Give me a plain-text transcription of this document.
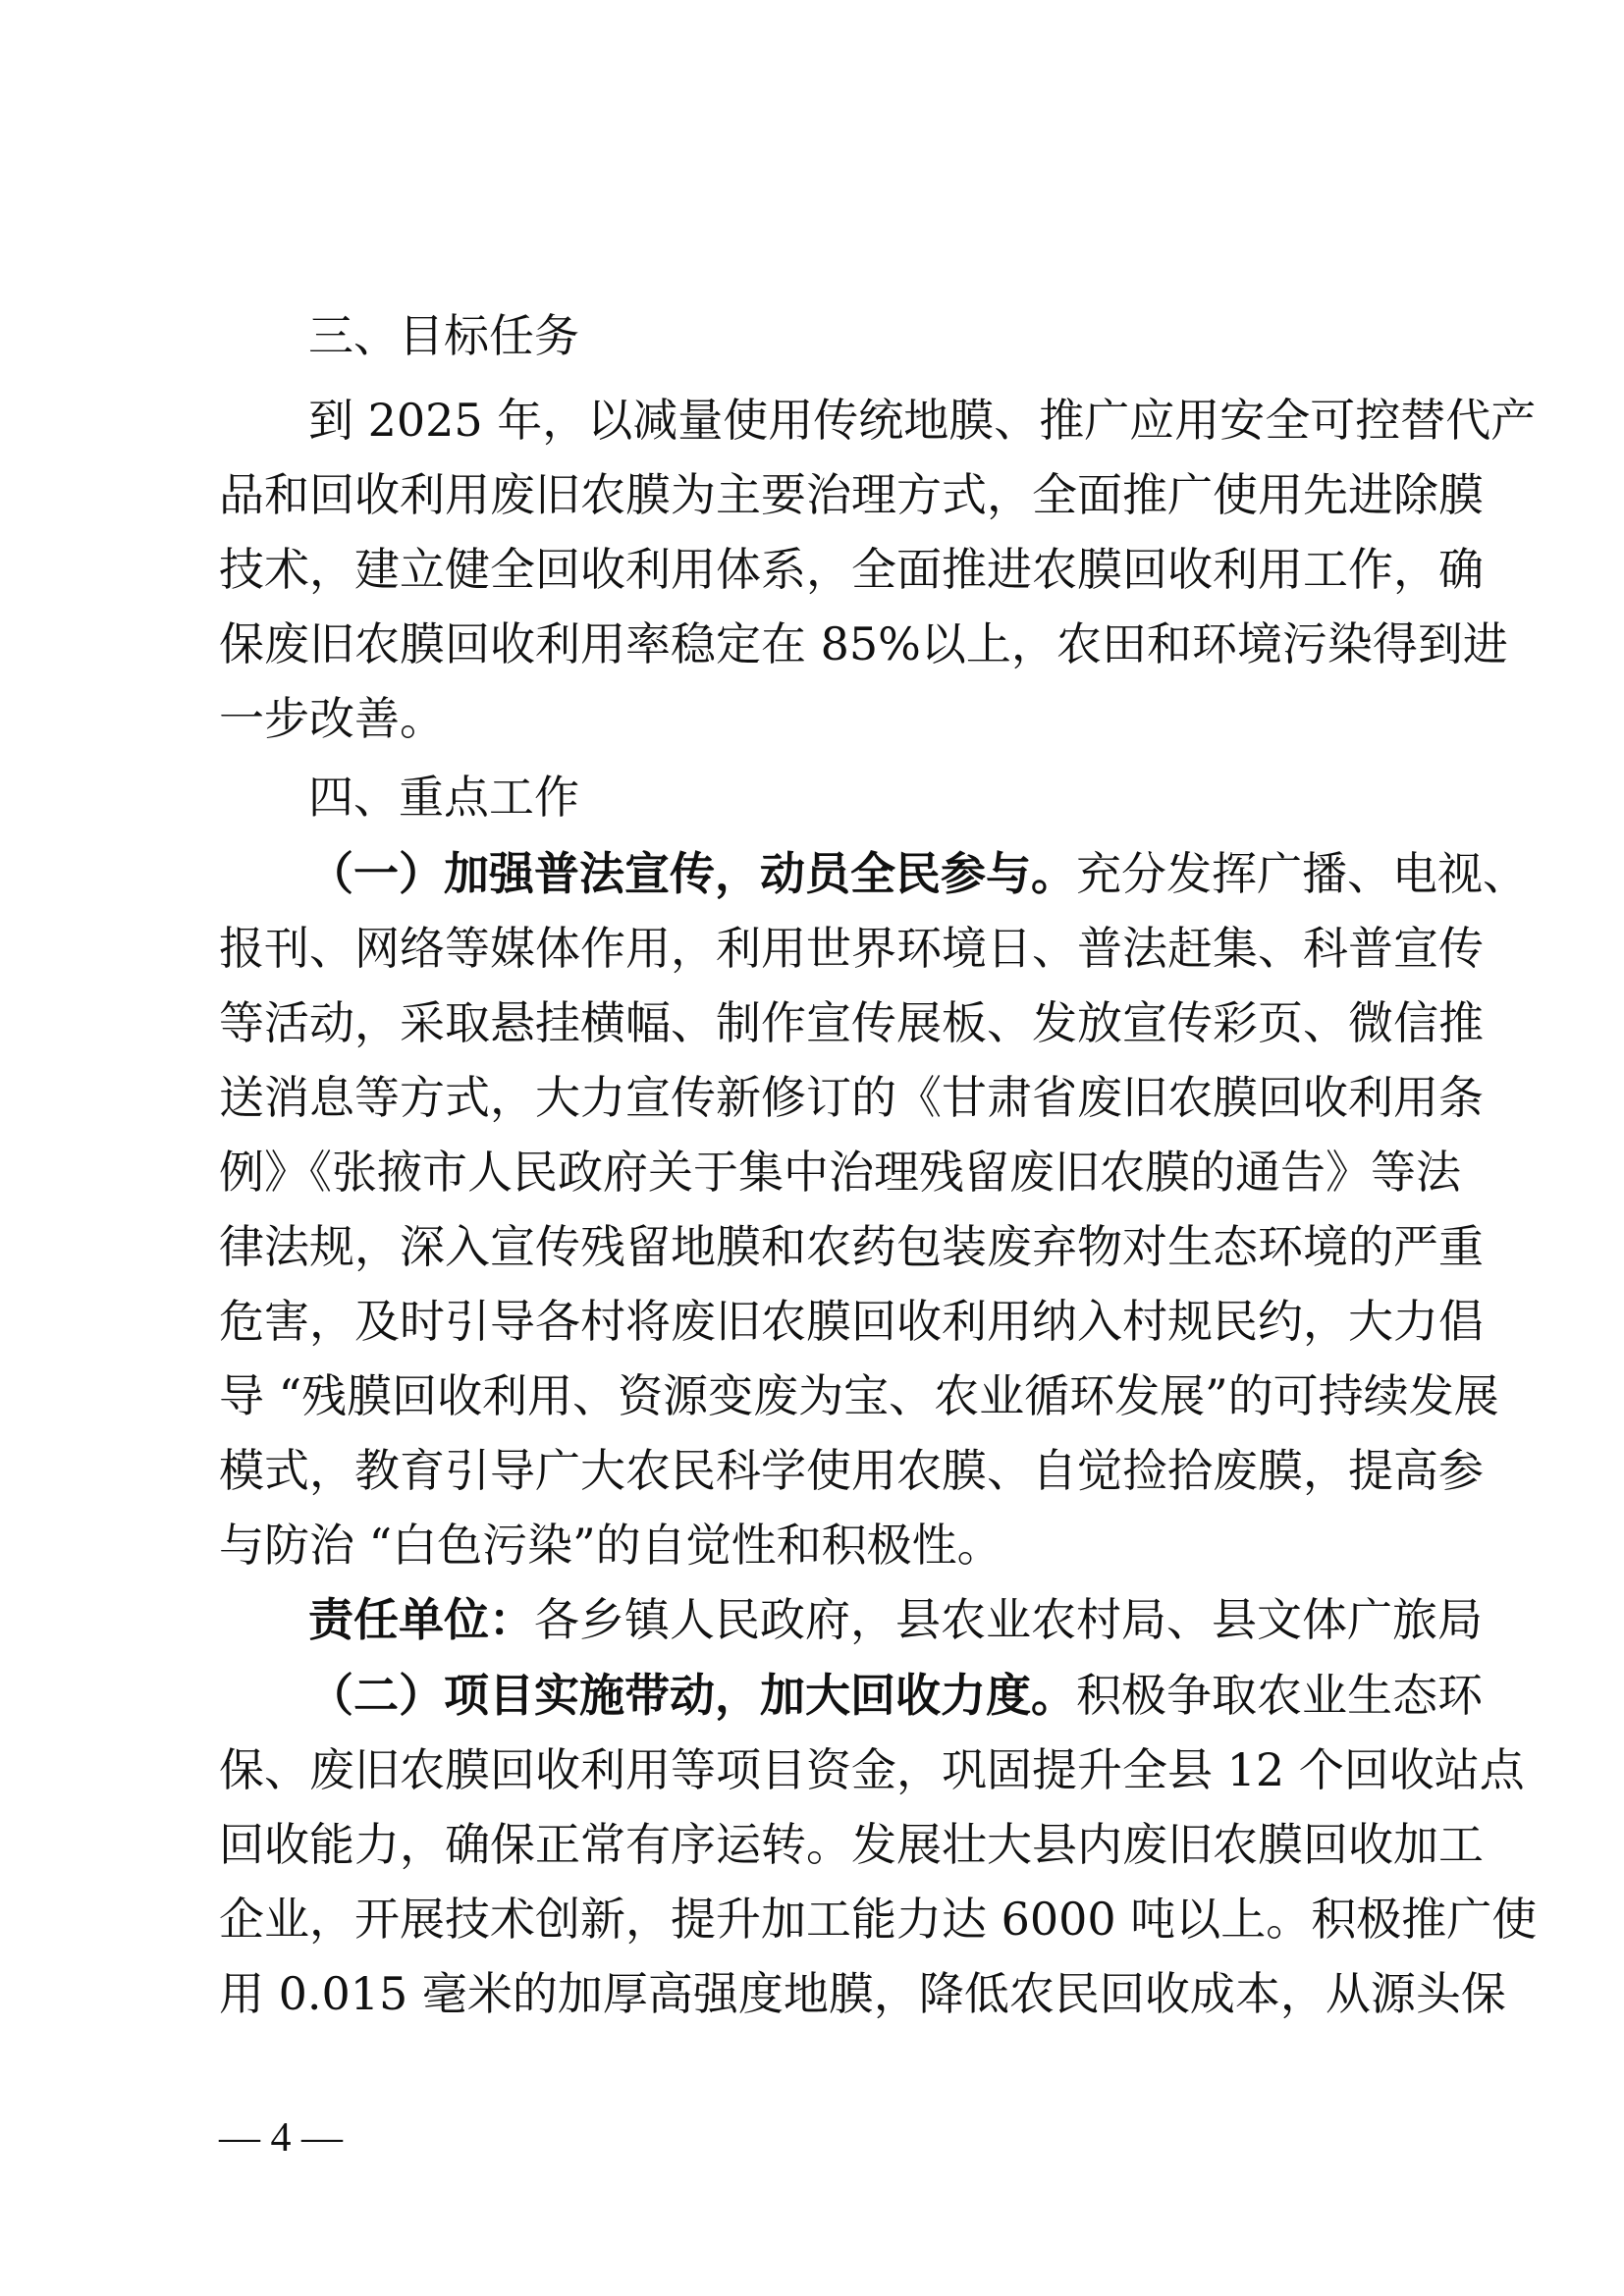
三、目标任务
到 2025 年，以减量使用传统地膜、推广应用安全可控替代产
品和回收利用废旧农膜为主要治理方式，全面推广使用先进除膜
技术，建立健全回收利用体系，全面推进农膜回收利用工作，确
保废旧农膜回收利用率稳定在 85%以上，农田和环境污染得到进
一步改善。
四、重点工作
（一）加强普法宣传，动员全民参与。充分发挥广播、电视、
报刊、网络等媒体作用，利用世界环境日、普法赶集、科普宣传
等活动，采取悬挂横幅、制作宣传展板、发放宣传彩页、微信推
送消息等方式，大力宣传新修订的《甘肃省废旧农膜回收利用条
例》《张掖市人民政府关于集中治理残留废旧农膜的通告》等法
律法规，深入宣传残留地膜和农药包装废弃物对生态环境的严重
危害，及时引导各村将废旧农膜回收利用纳入村规民约，大力倡
导 “残膜回收利用、资源变废为宝、农业循环发展”的可持续发展
模式，教育引导广大农民科学使用农膜、自觉捡拾废膜，提高参
与防治 “白色污染”的自觉性和积极性。
责任单位：各乡镇人民政府，县农业农村局、县文体广旅局
（二）项目实施带动，加大回收力度。积极争取农业生态环
保、废旧农膜回收利用等项目资金，巩固提升全县 12 个回收站点
回收能力，确保正常有序运转。发展壮大县内废旧农膜回收加工
企业，开展技术创新，提升加工能力达 6000 吨以上。积极推广使
用 0.015 毫米的加厚高强度地膜，降低农民回收成本，从源头保
— 4 —
